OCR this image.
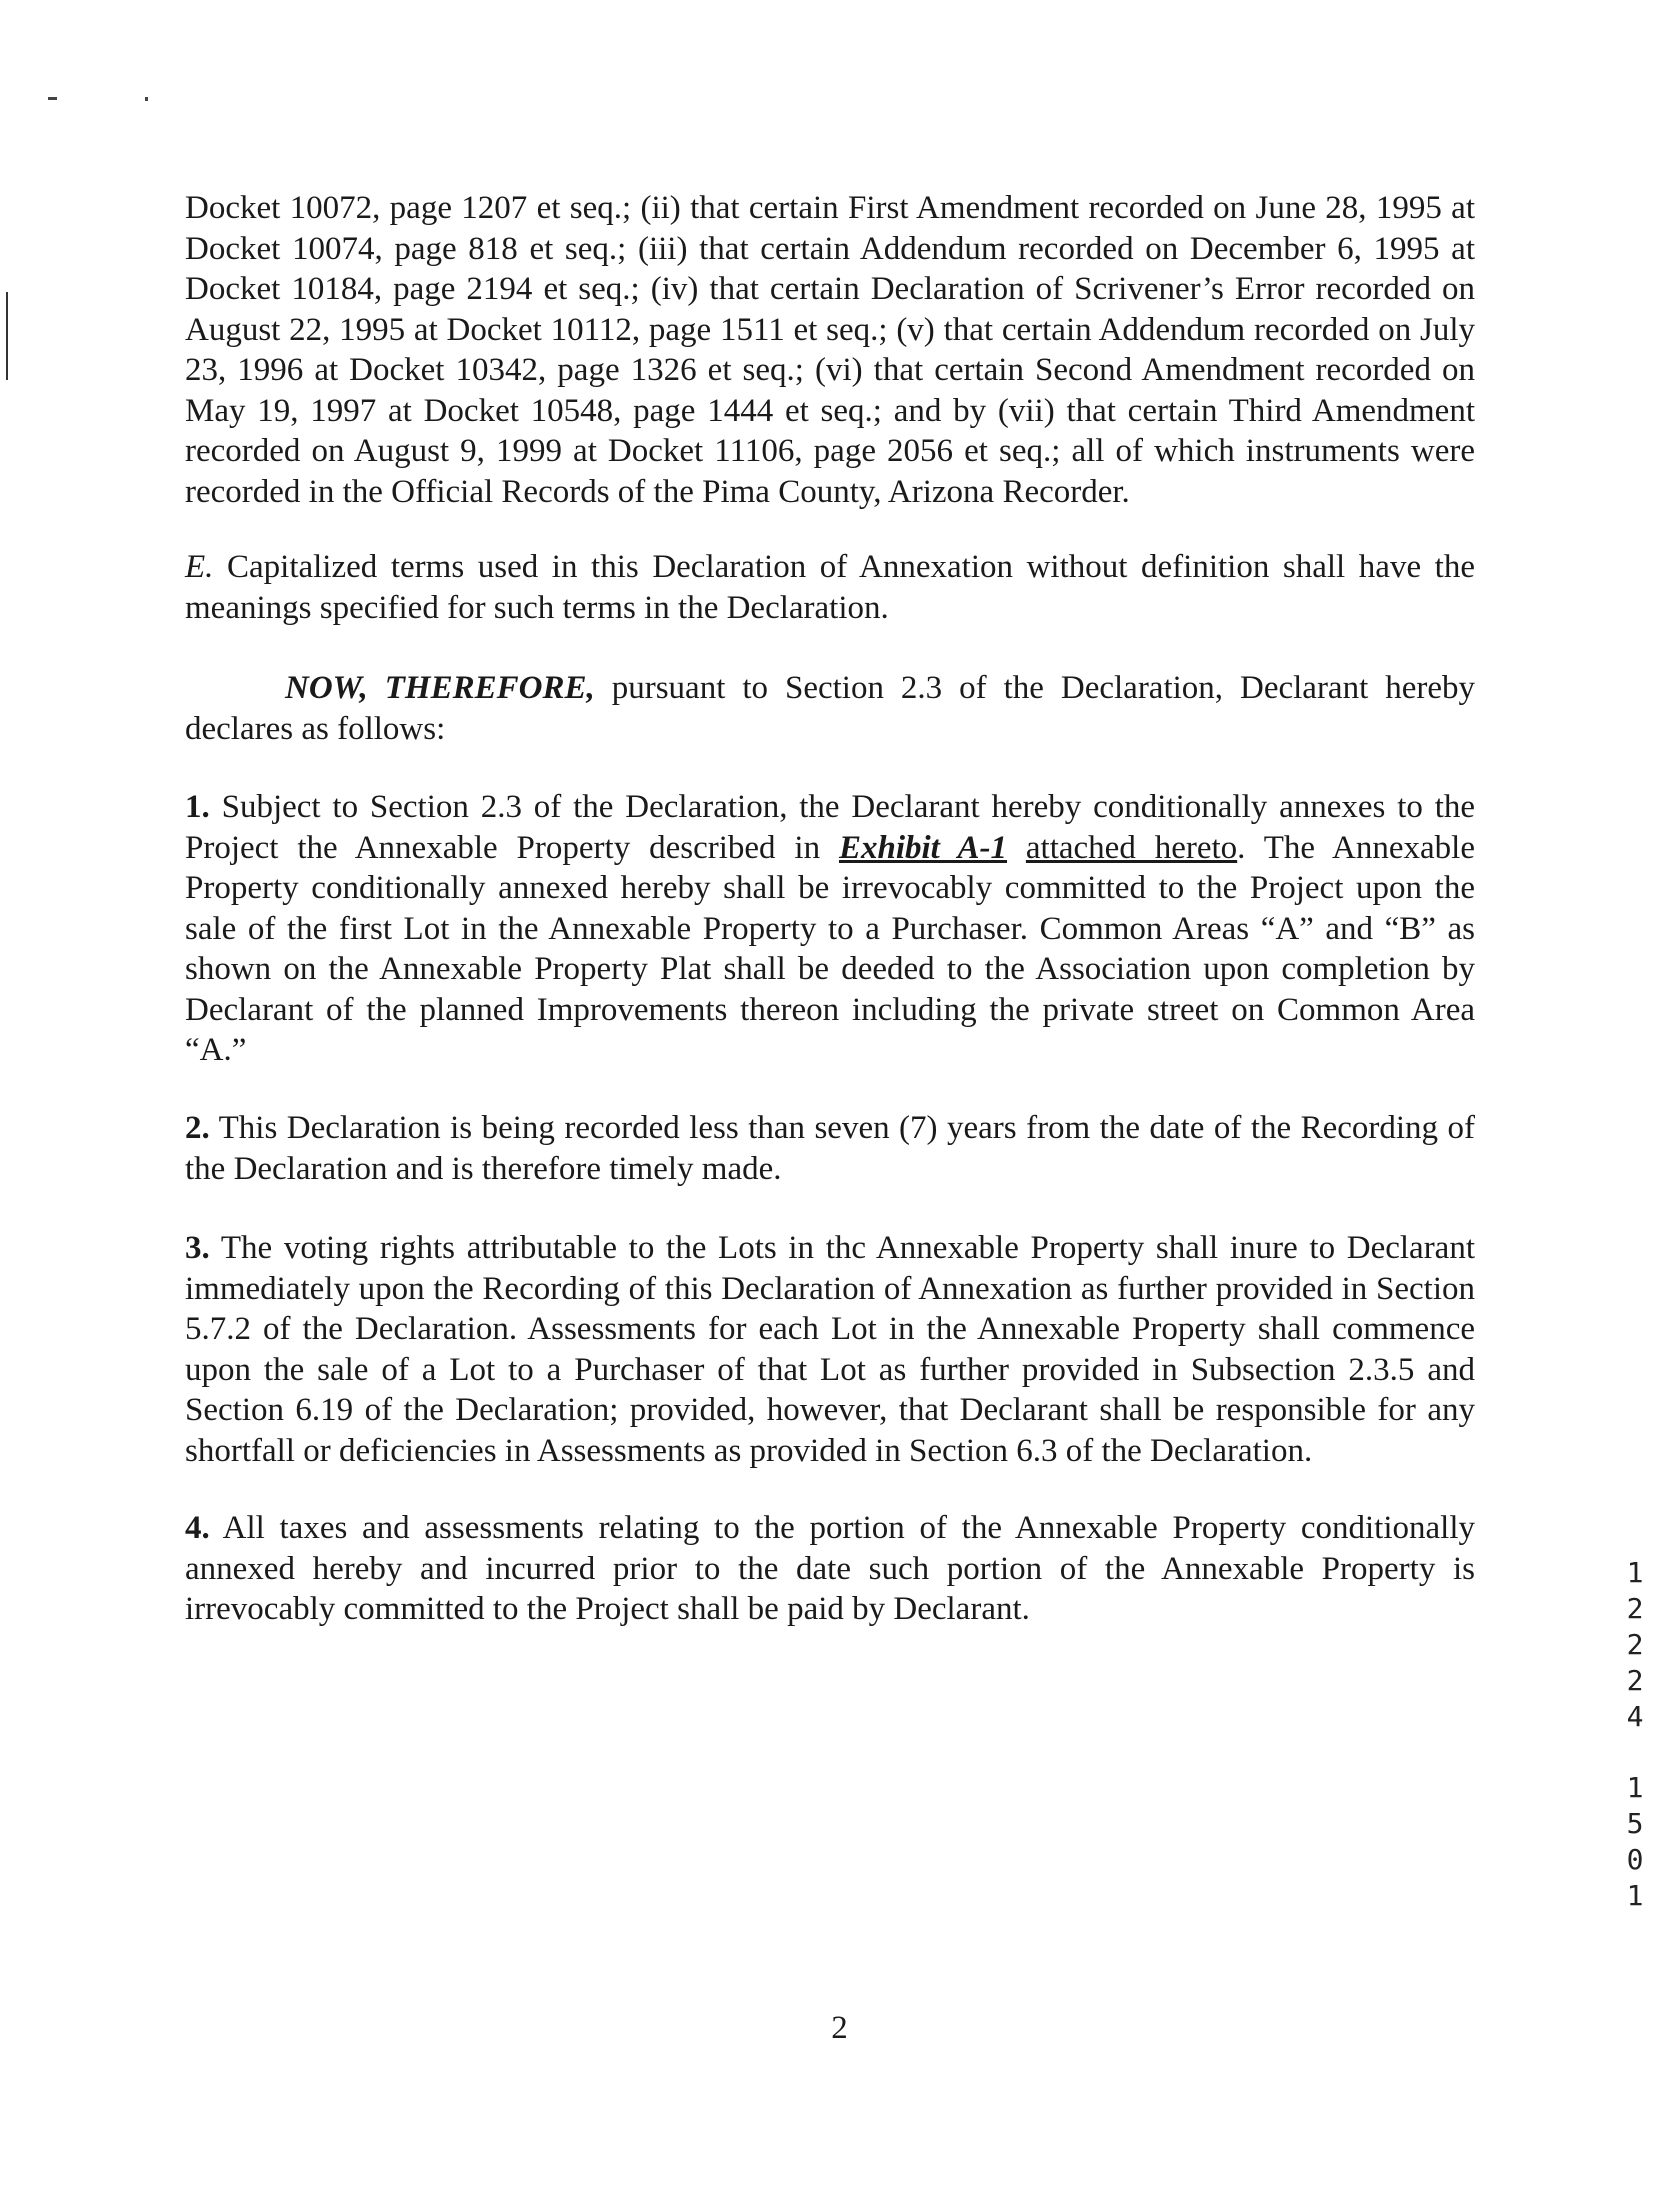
Docket 10072, page 1207 et seq.; (ii) that certain First Amendment recorded on June 28, 1995 at Docket 10074, page 818 et seq.; (iii) that certain Addendum recorded on December 6, 1995 at Docket 10184, page 2194 et seq.; (iv) that certain Declaration of Scrivener’s Error recorded on August 22, 1995 at Docket 10112, page 1511 et seq.; (v) that certain Addendum recorded on July 23, 1996 at Docket 10342, page 1326 et seq.; (vi) that certain Second Amendment recorded on May 19, 1997 at Docket 10548, page 1444 et seq.; and by (vii) that certain Third Amendment recorded on August 9, 1999 at Docket 11106, page 2056 et seq.; all of which instruments were recorded in the Official Records of the Pima County, Arizona Recorder.

E. Capitalized terms used in this Declaration of Annexation without definition shall have the meanings specified for such terms in the Declaration.

NOW, THEREFORE, pursuant to Section 2.3 of the Declaration, Declarant hereby declares as follows:

1. Subject to Section 2.3 of the Declaration, the Declarant hereby conditionally annexes to the Project the Annexable Property described in Exhibit A-1 attached hereto. The Annexable Property conditionally annexed hereby shall be irrevocably committed to the Project upon the sale of the first Lot in the Annexable Property to a Purchaser. Common Areas “A” and “B” as shown on the Annexable Property Plat shall be deeded to the Association upon completion by Declarant of the planned Improvements thereon including the private street on Common Area “A.”

2. This Declaration is being recorded less than seven (7) years from the date of the Recording of the Declaration and is therefore timely made.

3. The voting rights attributable to the Lots in thc Annexable Property shall inure to Declarant immediately upon the Recording of this Declaration of Annexation as further provided in Section 5.7.2 of the Declaration. Assessments for each Lot in the Annexable Property shall commence upon the sale of a Lot to a Purchaser of that Lot as further provided in Subsection 2.3.5 and Section 6.19 of the Declaration; provided, however, that Declarant shall be responsible for any shortfall or deficiencies in Assessments as provided in Section 6.3 of the Declaration.

4. All taxes and assessments relating to the portion of the Annexable Property conditionally annexed hereby and incurred prior to the date such portion of the Annexable Property is irrevocably committed to the Project shall be paid by Declarant.

1
2
2
2
4
1
5
0
1
2
